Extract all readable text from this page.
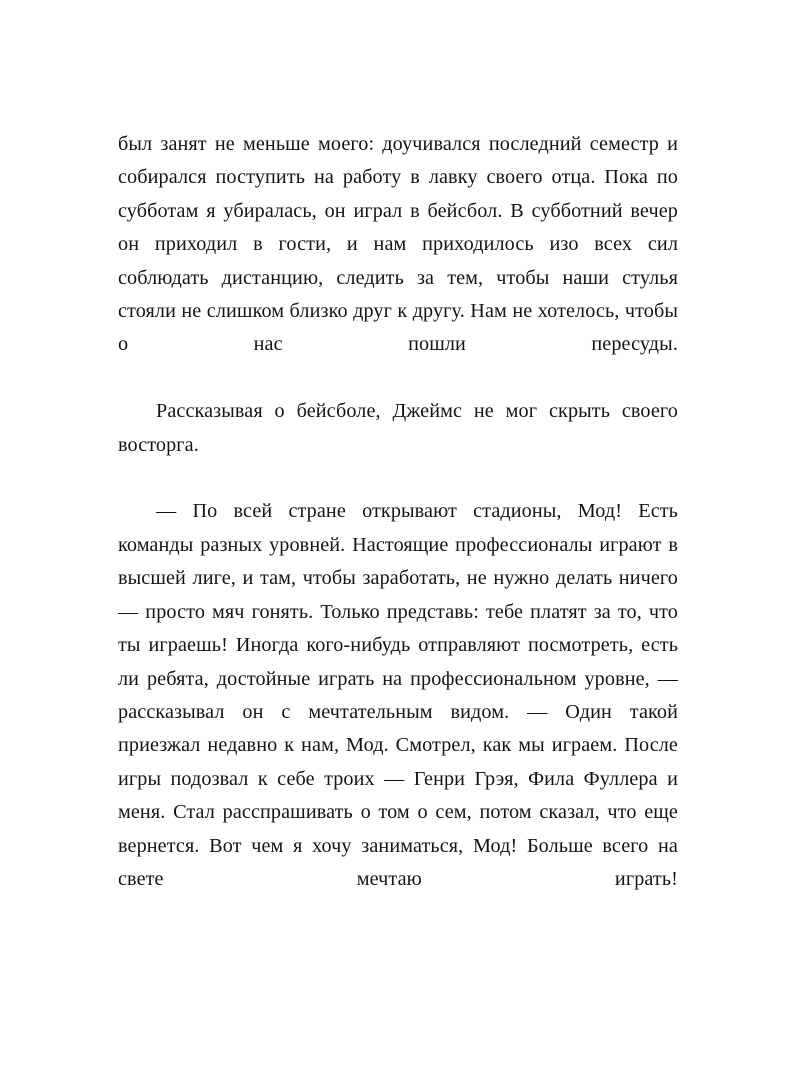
был занят не меньше моего: доучивался последний семестр и собирался поступить на работу в лавку своего отца. Пока по субботам я убиралась, он играл в бейсбол. В субботний вечер он приходил в гости, и нам приходилось изо всех сил соблюдать дистанцию, следить за тем, чтобы наши стулья стояли не слишком близко друг к другу. Нам не хотелось, чтобы о нас пошли пересуды.

Рассказывая о бейсболе, Джеймс не мог скрыть своего восторга.

— По всей стране открывают стадионы, Мод! Есть команды разных уровней. Настоящие профессионалы играют в высшей лиге, и там, чтобы заработать, не нужно делать ничего — просто мяч гонять. Только представь: тебе платят за то, что ты играешь! Иногда кого-нибудь отправляют посмотреть, есть ли ребята, достойные играть на профессиональном уровне, — рассказывал он с мечтательным видом. — Один такой приезжал недавно к нам, Мод. Смотрел, как мы играем. После игры подозвал к себе троих — Генри Грэя, Фила Фуллера и меня. Стал расспрашивать о том о сем, потом сказал, что еще вернется. Вот чем я хочу заниматься, Мод! Больше всего на свете мечтаю играть!
